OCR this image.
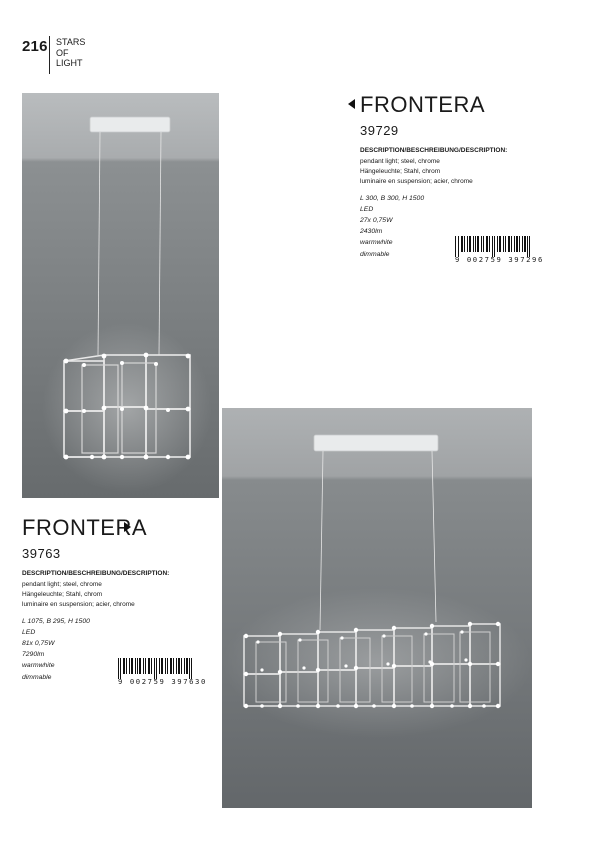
216 STARS
OF
LIGHT
FRONTERA
39729
DESCRIPTION/BESCHREIBUNG/DESCRIPTION:
pendant light; steel, chrome
Hängeleuchte; Stahl, chrom
luminaire en suspension; acier, chrome
L 300, B 300, H 1500
LED
27x 0,75W
2430lm
warmwhite
dimmable
9 002759 397296
FRONTERA
39763
DESCRIPTION/BESCHREIBUNG/DESCRIPTION:
pendant light; steel, chrome
Hängeleuchte; Stahl, chrom
luminaire en suspension; acier, chrome
L 1075, B 295, H 1500
LED
81x 0,75W
7290lm
warmwhite
dimmable	9 002759 397630
